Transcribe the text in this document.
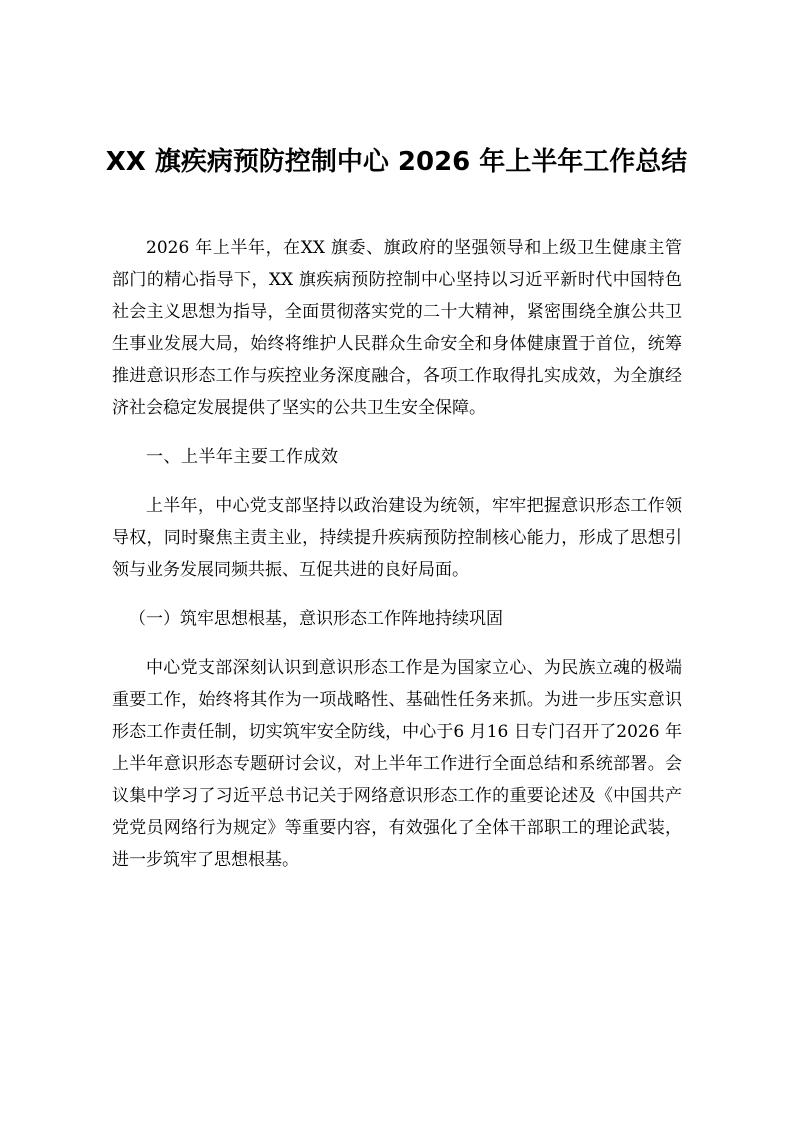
XX 旗疾病预防控制中心 2026 年上半年工作总结

2026 年上半年，在XX 旗委、旗政府的坚强领导和上级卫生健康主管部门的精心指导下，XX 旗疾病预防控制中心坚持以习近平新时代中国特色社会主义思想为指导，全面贯彻落实党的二十大精神，紧密围绕全旗公共卫生事业发展大局，始终将维护人民群众生命安全和身体健康置于首位，统筹推进意识形态工作与疾控业务深度融合，各项工作取得扎实成效，为全旗经济社会稳定发展提供了坚实的公共卫生安全保障。

一、上半年主要工作成效

上半年，中心党支部坚持以政治建设为统领，牢牢把握意识形态工作领导权，同时聚焦主责主业，持续提升疾病预防控制核心能力，形成了思想引领与业务发展同频共振、互促共进的良好局面。

（一）筑牢思想根基，意识形态工作阵地持续巩固

中心党支部深刻认识到意识形态工作是为国家立心、为民族立魂的极端重要工作，始终将其作为一项战略性、基础性任务来抓。为进一步压实意识形态工作责任制，切实筑牢安全防线，中心于6 月16 日专门召开了2026 年上半年意识形态专题研讨会议，对上半年工作进行全面总结和系统部署。会议集中学习了习近平总书记关于网络意识形态工作的重要论述及《中国共产党党员网络行为规定》等重要内容，有效强化了全体干部职工的理论武装，进一步筑牢了思想根基。
